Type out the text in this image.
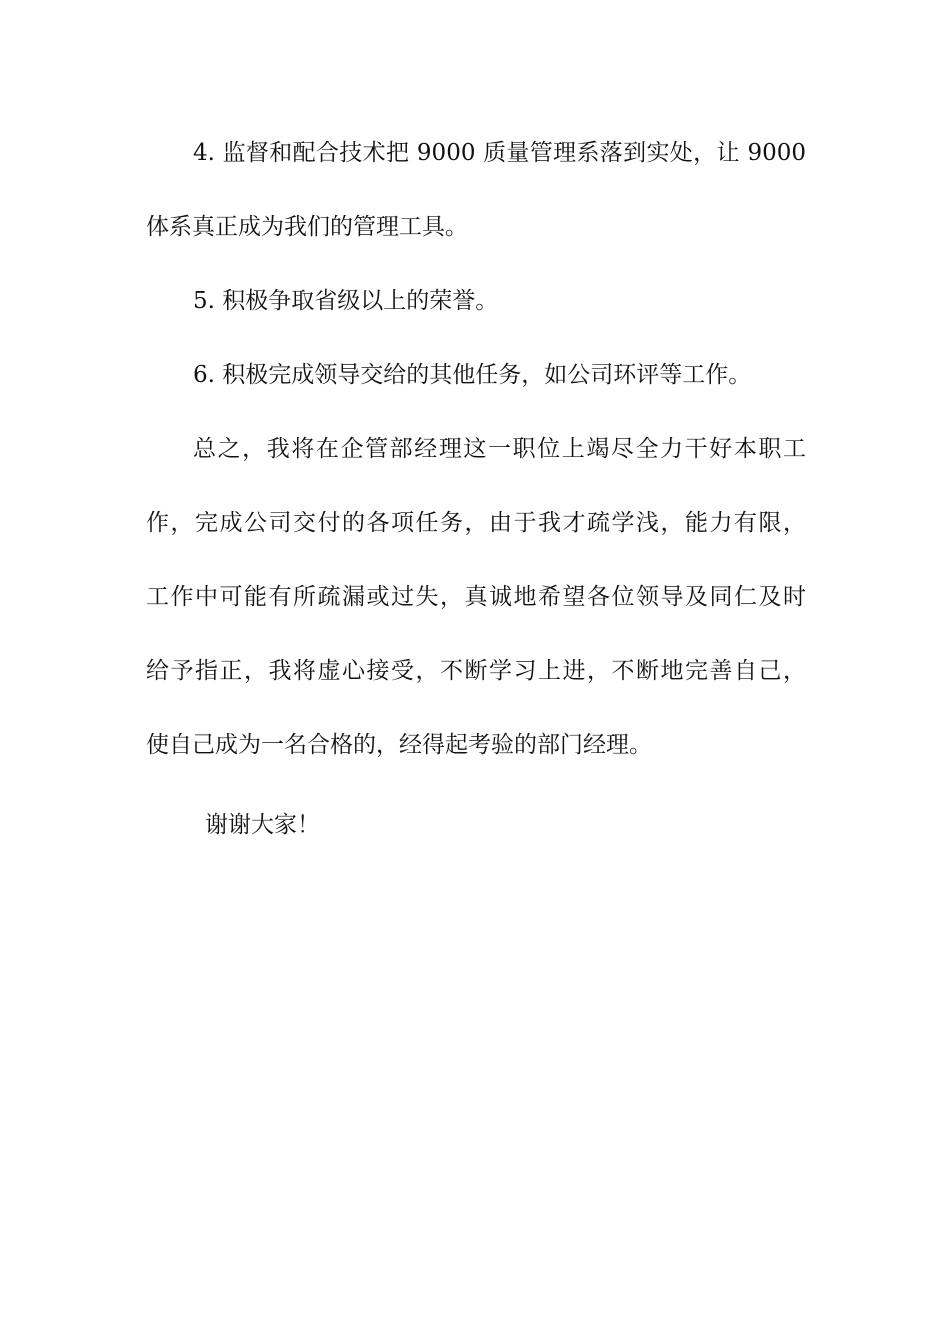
4. 监督和配合技术把 9000 质量管理系落到实处，让 9000
体系真正成为我们的管理工具。
5. 积极争取省级以上的荣誉。
6. 积极完成领导交给的其他任务，如公司环评等工作。
总之，我将在企管部经理这一职位上竭尽全力干好本职工
作，完成公司交付的各项任务，由于我才疏学浅，能力有限，
工作中可能有所疏漏或过失，真诚地希望各位领导及同仁及时
给予指正，我将虚心接受，不断学习上进，不断地完善自己，
使自己成为一名合格的，经得起考验的部门经理。
谢谢大家！
